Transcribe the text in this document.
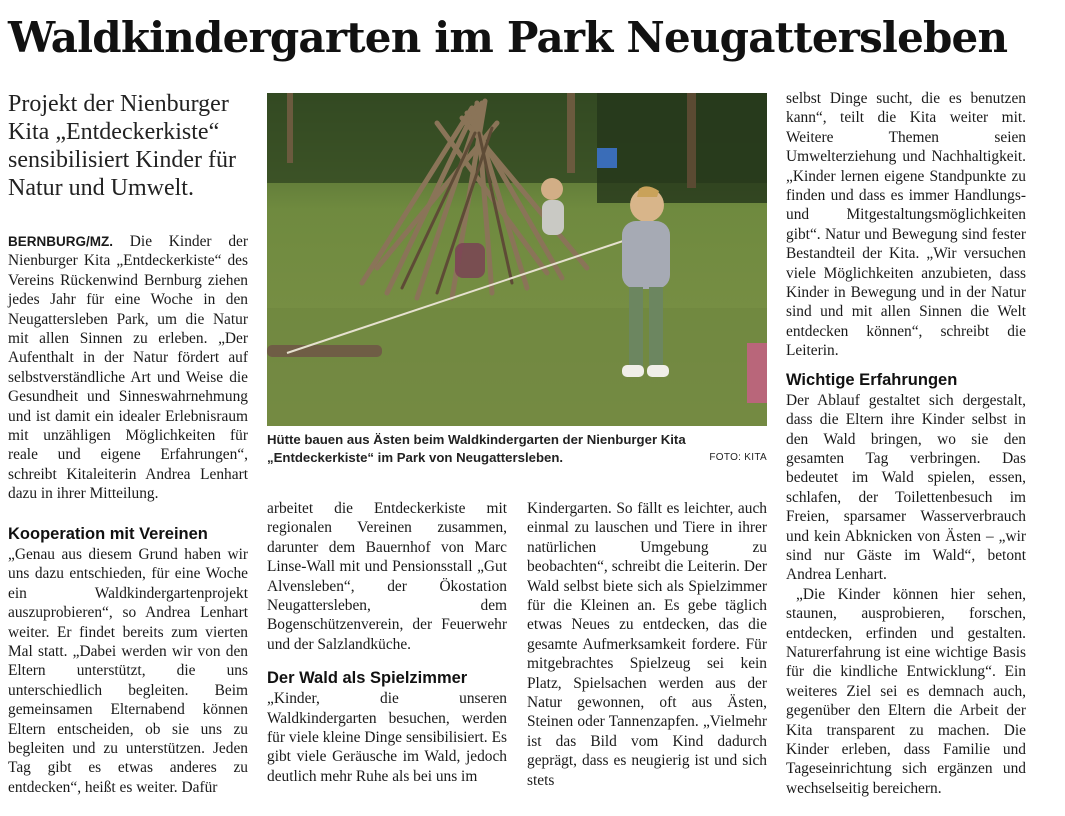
Waldkindergarten im Park Neugattersleben
Projekt der Nienburger Kita „Entdeckerkiste“ sensibilisiert Kinder für Natur und Umwelt.
Hütte bauen aus Ästen beim Waldkindergarten der Nienburger Kita „Entdeckerkiste“ im Park von Neugattersleben.	FOTO: KITA

BERNBURG/MZ. Die Kinder der Nienburger Kita „Entdeckerkiste“ des Vereins Rückenwind Bernburg ziehen jedes Jahr für eine Woche in den Neugattersleben Park, um die Natur mit allen Sinnen zu erleben. „Der Aufenthalt in der Natur fördert auf selbstverständliche Art und Weise die Gesundheit und Sinneswahrnehmung und ist damit ein idealer Erlebnisraum mit unzähligen Möglichkeiten für reale und eigene Erfahrungen“, schreibt Kitaleiterin Andrea Lenhart dazu in ihrer Mitteilung.

Kooperation mit Vereinen

„Genau aus diesem Grund haben wir uns dazu entschieden, für eine Woche ein Waldkindergartenprojekt auszuprobieren“, so Andrea Lenhart weiter. Er findet bereits zum vierten Mal statt. „Dabei werden wir von den Eltern unterstützt, die uns unterschiedlich begleiten. Beim gemeinsamen Elternabend können Eltern entscheiden, ob sie uns zu begleiten und zu unterstützen. Jeden Tag gibt es etwas anderes zu entdecken“, heißt es weiter. Dafür

arbeitet die Entdeckerkiste mit regionalen Vereinen zusammen, darunter dem Bauernhof von Marc Linse-Wall mit und Pensionsstall „Gut Alvensleben“, der Ökostation Neugattersleben, dem Bogenschützenverein, der Feuerwehr und der Salzlandküche.

Der Wald als Spielzimmer

„Kinder, die unseren Waldkindergarten besuchen, werden für viele kleine Dinge sensibilisiert. Es gibt viele Geräusche im Wald, jedoch deutlich mehr Ruhe als bei uns im

Kindergarten. So fällt es leichter, auch einmal zu lauschen und Tiere in ihrer natürlichen Umgebung zu beobachten“, schreibt die Leiterin. Der Wald selbst biete sich als Spielzimmer für die Kleinen an. Es gebe täglich etwas Neues zu entdecken, das die gesamte Aufmerksamkeit fordere. Für mitgebrachtes Spielzeug sei kein Platz, Spielsachen werden aus der Natur gewonnen, oft aus Ästen, Steinen oder Tannenzapfen. „Vielmehr ist das Bild vom Kind dadurch geprägt, dass es neugierig ist und sich stets

selbst Dinge sucht, die es benutzen kann“, teilt die Kita weiter mit. Weitere Themen seien Umwelterziehung und Nachhaltigkeit. „Kinder lernen eigene Standpunkte zu finden und dass es immer Handlungs- und Mitgestaltungsmöglichkeiten gibt“. Natur und Bewegung sind fester Bestandteil der Kita. „Wir versuchen viele Möglichkeiten anzubieten, dass Kinder in Bewegung und in der Natur sind und mit allen Sinnen die Welt entdecken können“, schreibt die Leiterin.

Wichtige Erfahrungen

Der Ablauf gestaltet sich dergestalt, dass die Eltern ihre Kinder selbst in den Wald bringen, wo sie den gesamten Tag verbringen. Das bedeutet im Wald spielen, essen, schlafen, der Toilettenbesuch im Freien, sparsamer Wasserverbrauch und kein Abknicken von Ästen – „wir sind nur Gäste im Wald“, betont Andrea Lenhart.

„Die Kinder können hier sehen, staunen, ausprobieren, forschen, entdecken, erfinden und gestalten. Naturerfahrung ist eine wichtige Basis für die kindliche Entwicklung“. Ein weiteres Ziel sei es demnach auch, gegenüber den Eltern die Arbeit der Kita transparent zu machen. Die Kinder erleben, dass Familie und Tageseinrichtung sich ergänzen und wechselseitig bereichern.
